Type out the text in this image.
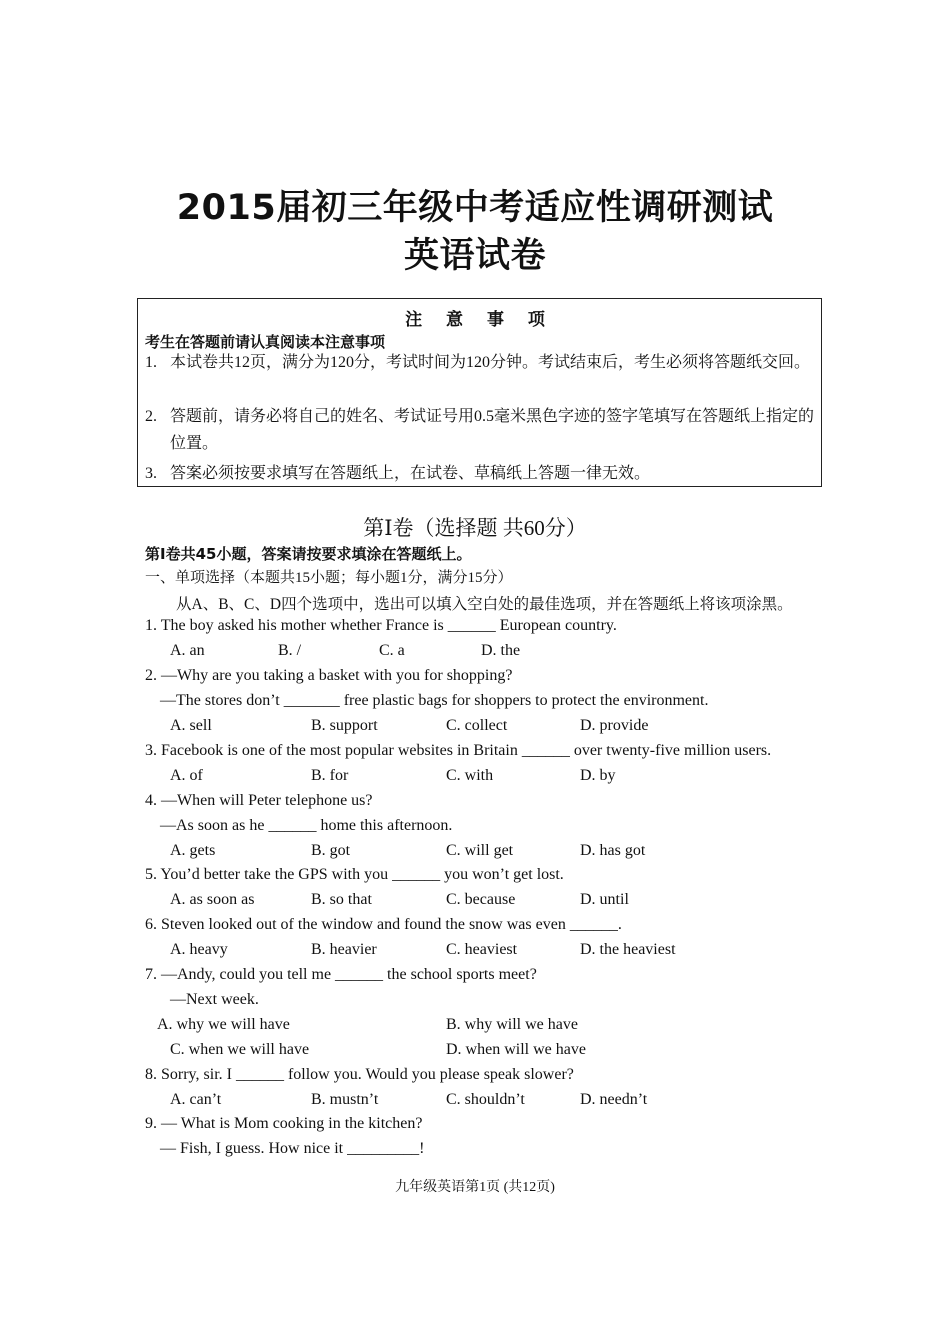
2015届初三年级中考适应性调研测试
英语试卷
注 意 事 项
考生在答题前请认真阅读本注意事项
1. 本试卷共12页，满分为120分，考试时间为120分钟。考试结束后，考生必须将答题纸交回。
2. 答题前，请务必将自己的姓名、考试证号用0.5毫米黑色字迹的签字笔填写在答题纸上指定的位置。
3. 答案必须按要求填写在答题纸上，在试卷、草稿纸上答题一律无效。
第Ⅰ卷（选择题 共60分）
第Ⅰ卷共45小题，答案请按要求填涂在答题纸上。
一、单项选择（本题共15小题；每小题1分，满分15分）
从A、B、C、D四个选项中，选出可以填入空白处的最佳选项，并在答题纸上将该项涂黑。
1. The boy asked his mother whether France is ______ European country.
A. an	B. /	C. a	D. the
2. —Why are you taking a basket with you for shopping?
—The stores don’t _______ free plastic bags for shoppers to protect the environment.
A. sell	B. support	C. collect	D. provide
3. Facebook is one of the most popular websites in Britain ______ over twenty-five million users.
A. of	B. for	C. with	D. by
4. —When will Peter telephone us?
—As soon as he ______ home this afternoon.
A. gets	B. got	C. will get	D. has got
5. You’d better take the GPS with you ______ you won’t get lost.
A. as soon as	B. so that	C. because	D. until
6. Steven looked out of the window and found the snow was even ______.
A. heavy	B. heavier	C. heaviest	D. the heaviest
7. —Andy, could you tell me ______ the school sports meet?
—Next week.
A. why we will have	B. why will we have
C. when we will have	D. when will we have
8. Sorry, sir. I ______ follow you. Would you please speak slower?
A. can’t	B. mustn’t	C. shouldn’t	D. needn’t
9. — What is Mom cooking in the kitchen?
— Fish, I guess. How nice it _________!
九年级英语第1页 (共12页)
